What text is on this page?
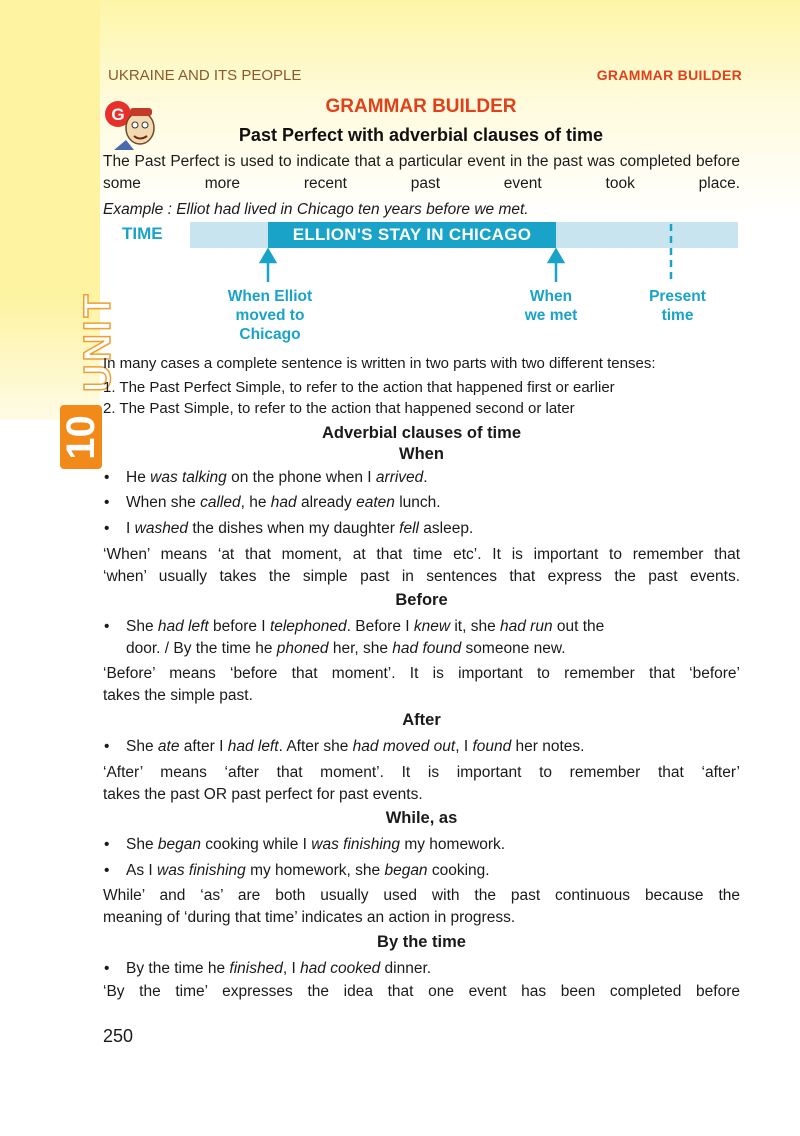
UNIT
10
UKRAINE AND ITS PEOPLE	GRAMMAR BUILDER
G	GRAMMAR BUILDER
Past Perfect with adverbial clauses of time
The Past Perfect is used to indicate that a particular event in the past was completed before some more recent past event took place.
Example : Elliot had lived in Chicago ten years before we met.
TIME	ELLION'S STAY IN CHICAGO
When Elliot
moved to
Chicago
When
we met
Present
time
In many cases a complete sentence is written in two parts with two different tenses:
1. The Past Perfect Simple, to refer to the action that happened first or earlier
2. The Past Simple, to refer to the action that happened second or later
Adverbial clauses of time
When
• He was talking on the phone when I arrived.
• When she called, he had already eaten lunch.
• I washed the dishes when my daughter fell asleep.
‘When’ means ‘at that moment, at that time etc’. It is important to remember that
‘when’ usually takes the simple past in sentences that express the past events.
Before
• She had left before I telephoned. Before I knew it, she had run out the
door. / By the time he phoned her, she had found someone new.
‘Before’ means ‘before that moment’. It is important to remember that ‘before’
takes the simple past.
After
• She ate after I had left. After she had moved out, I found her notes.
‘After’ means ‘after that moment’. It is important to remember that ‘after’
takes the past OR past perfect for past events.
While, as
• She began cooking while I was finishing my homework.
• As I was finishing my homework, she began cooking.
While’ and ‘as’ are both usually used with the past continuous because the
meaning of ‘during that time’ indicates an action in progress.
By the time
• By the time he finished, I had cooked dinner.
‘By the time’ expresses the idea that one event has been completed before
250
